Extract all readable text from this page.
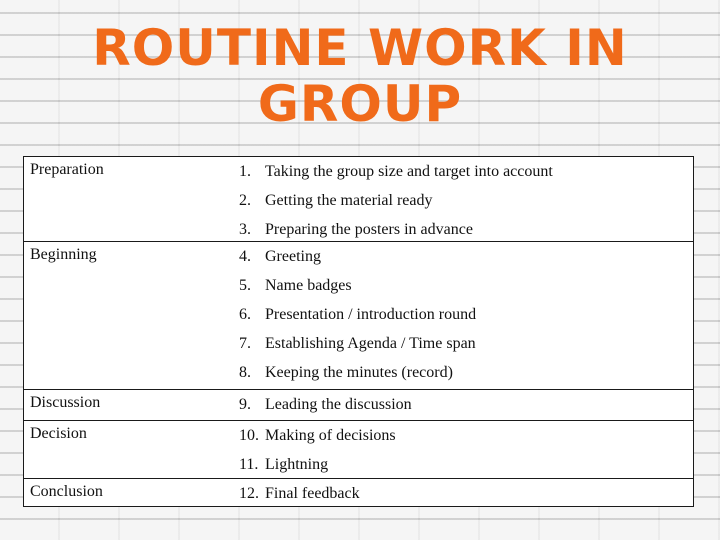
ROUTINE WORK IN
GROUP
Preparation	1. Taking the group size and target into account
2. Getting the material ready
3. Preparing the posters in advance
Beginning	4. Greeting
5. Name badges
6. Presentation / introduction round
7. Establishing Agenda / Time span
8. Keeping the minutes (record)
Discussion	9. Leading the discussion
Decision	10. Making of decisions
11. Lightning
Conclusion	12. Final feedback
